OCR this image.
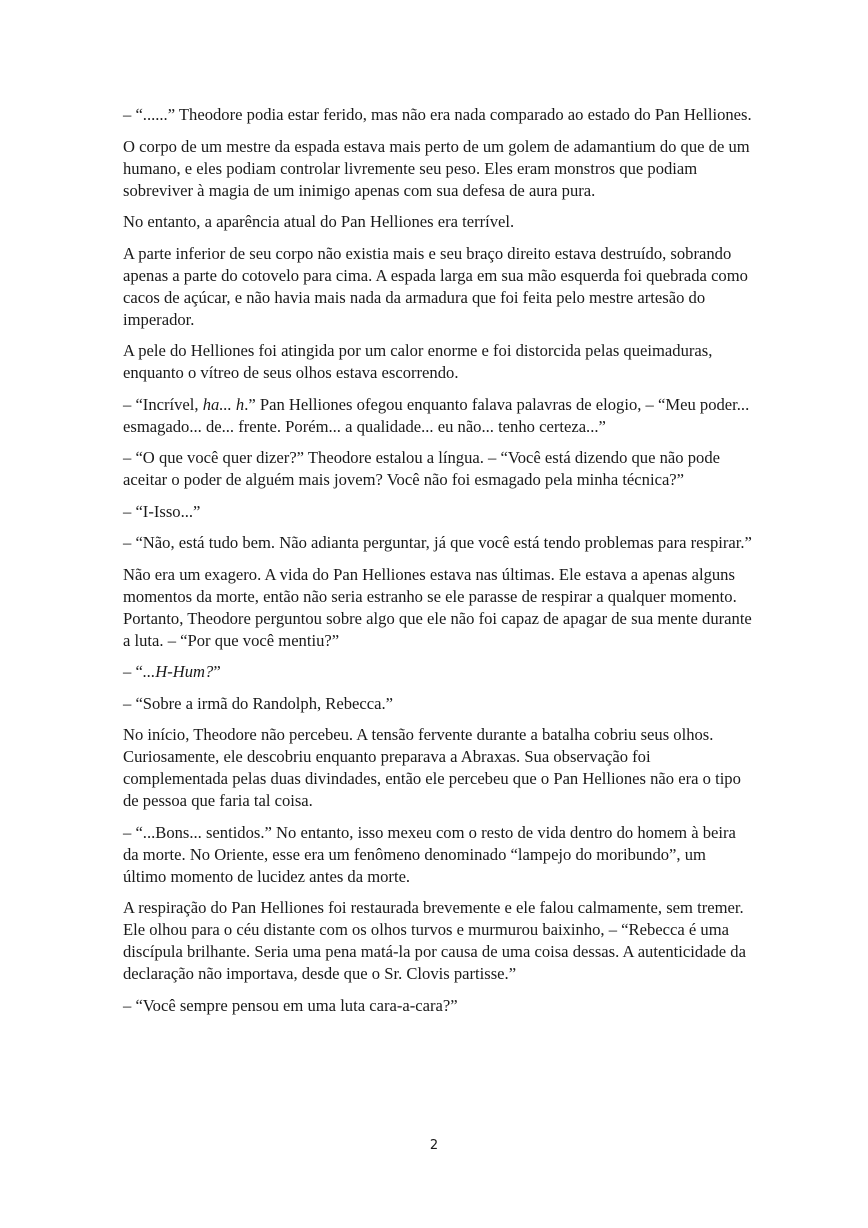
– “......” Theodore podia estar ferido, mas não era nada comparado ao estado do Pan Helliones.

O corpo de um mestre da espada estava mais perto de um golem de adamantium do que de um humano, e eles podiam controlar livremente seu peso. Eles eram monstros que podiam sobreviver à magia de um inimigo apenas com sua defesa de aura pura.

No entanto, a aparência atual do Pan Helliones era terrível.

A parte inferior de seu corpo não existia mais e seu braço direito estava destruído, sobrando apenas a parte do cotovelo para cima. A espada larga em sua mão esquerda foi quebrada como cacos de açúcar, e não havia mais nada da armadura que foi feita pelo mestre artesão do imperador.

A pele do Helliones foi atingida por um calor enorme e foi distorcida pelas queimaduras, enquanto o vítreo de seus olhos estava escorrendo.

– “Incrível, ha... h.” Pan Helliones ofegou enquanto falava palavras de elogio, – “Meu poder... esmagado... de... frente. Porém... a qualidade... eu não... tenho certeza...”

– “O que você quer dizer?” Theodore estalou a língua. – “Você está dizendo que não pode aceitar o poder de alguém mais jovem? Você não foi esmagado pela minha técnica?”

– “I-Isso...”

– “Não, está tudo bem. Não adianta perguntar, já que você está tendo problemas para respirar.”

Não era um exagero. A vida do Pan Helliones estava nas últimas. Ele estava a apenas alguns momentos da morte, então não seria estranho se ele parasse de respirar a qualquer momento. Portanto, Theodore perguntou sobre algo que ele não foi capaz de apagar de sua mente durante a luta. – “Por que você mentiu?”

– “...H-Hum?”

– “Sobre a irmã do Randolph, Rebecca.”

No início, Theodore não percebeu. A tensão fervente durante a batalha cobriu seus olhos. Curiosamente, ele descobriu enquanto preparava a Abraxas. Sua observação foi complementada pelas duas divindades, então ele percebeu que o Pan Helliones não era o tipo de pessoa que faria tal coisa.

– “...Bons... sentidos.” No entanto, isso mexeu com o resto de vida dentro do homem à beira da morte. No Oriente, esse era um fenômeno denominado “lampejo do moribundo”, um último momento de lucidez antes da morte.

A respiração do Pan Helliones foi restaurada brevemente e ele falou calmamente, sem tremer. Ele olhou para o céu distante com os olhos turvos e murmurou baixinho, – “Rebecca é uma discípula brilhante. Seria uma pena matá-la por causa de uma coisa dessas. A autenticidade da declaração não importava, desde que o Sr. Clovis partisse.”

– “Você sempre pensou em uma luta cara-a-cara?”

2
